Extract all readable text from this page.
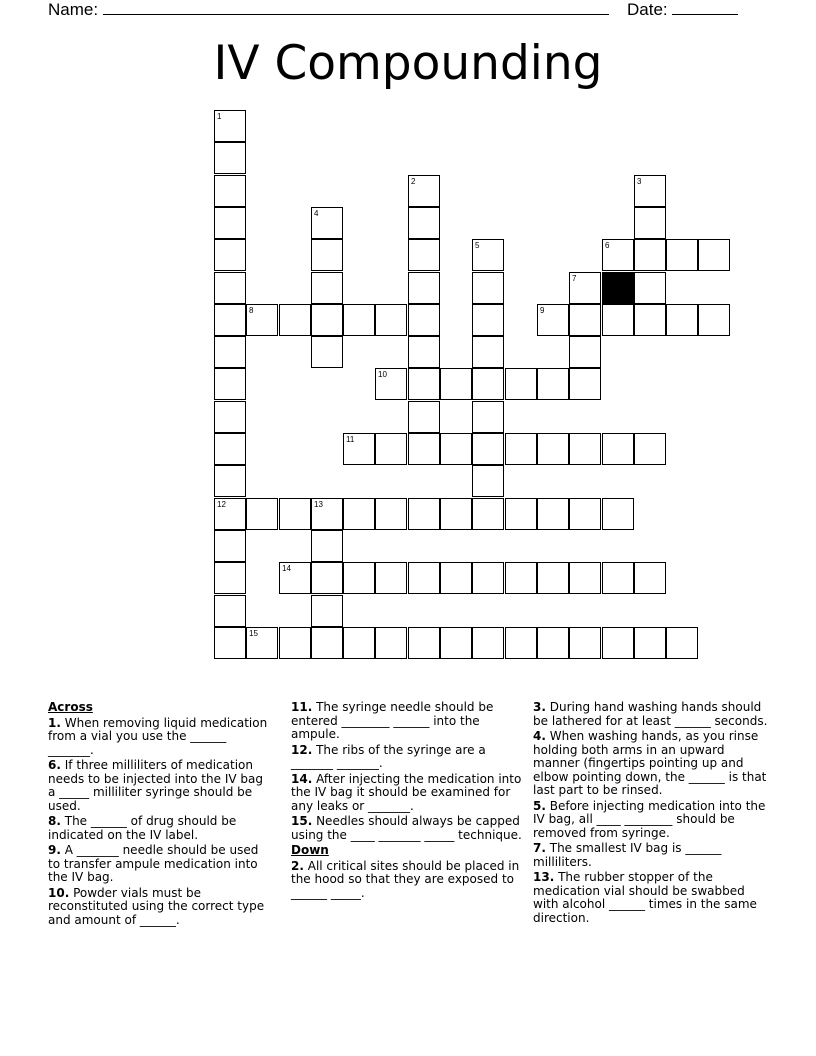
Name:	Date:
IV Compounding
1
2	3
4
5	6
7
8	9
10
11
12	13
14
15
Across
1. When removing liquid medication from a vial you use the ______ _______.
6. If three milliliters of medication needs to be injected into the IV bag a _____ milliliter syringe should be used.
8. The ______ of drug should be indicated on the IV label.
9. A _______ needle should be used to transfer ampule medication into the IV bag.
10. Powder vials must be reconstituted using the correct type and amount of ______.
11. The syringe needle should be entered ________ ______ into the ampule.
12. The ribs of the syringe are a _______ _______.
14. After injecting the medication into the IV bag it should be examined for any leaks or _______.
15. Needles should always be capped using the ____ _______ _____ technique.
Down
2. All critical sites should be placed in the hood so that they are exposed to ______ _____.
3. During hand washing hands should be lathered for at least ______ seconds.
4. When washing hands, as you rinse holding both arms in an upward manner (fingertips pointing up and elbow pointing down, the ______ is that last part to be rinsed.
5. Before injecting medication into the IV bag, all ____ ________ should be removed from syringe.
7. The smallest IV bag is ______ milliliters.
13. The rubber stopper of the medication vial should be swabbed with alcohol ______ times in the same direction.
